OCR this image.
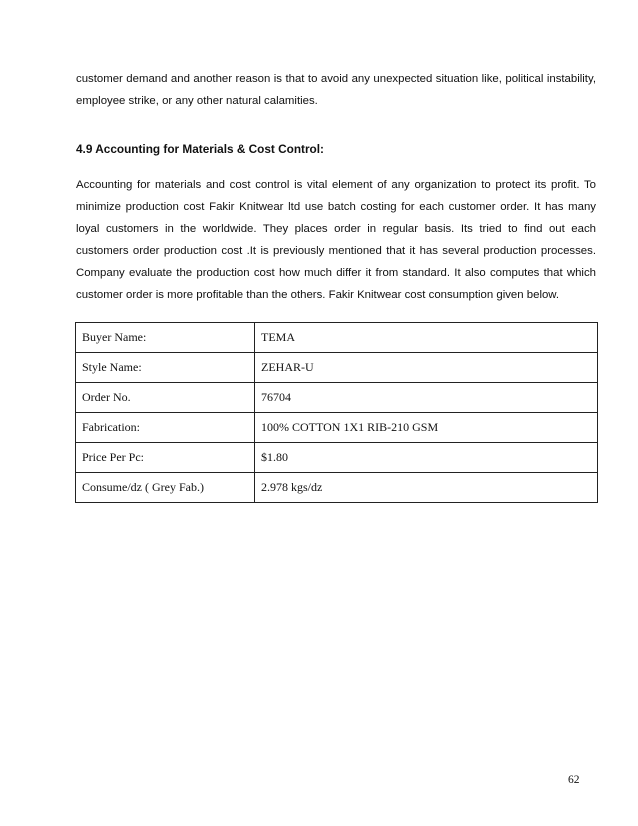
customer demand and another reason is that to avoid any unexpected situation like, political instability, employee strike, or any other natural calamities.

4.9 Accounting for Materials & Cost Control:

Accounting for materials and cost control is vital element of any organization to protect its profit. To minimize production cost Fakir Knitwear ltd use batch costing for each customer order. It has many loyal customers in the worldwide. They places order in regular basis. Its tried to find out each customers order production cost .It is previously mentioned that it has several production processes. Company evaluate the production cost how much differ it from standard. It also computes that which customer order is more profitable than the others. Fakir Knitwear cost consumption given below.

Buyer Name:	TEMA
Style Name:	ZEHAR-U
Order No.	76704
Fabrication:	100% COTTON 1X1 RIB-210 GSM
Price Per Pc:	$1.80
Consume/dz ( Grey Fab.)	2.978 kgs/dz

62
